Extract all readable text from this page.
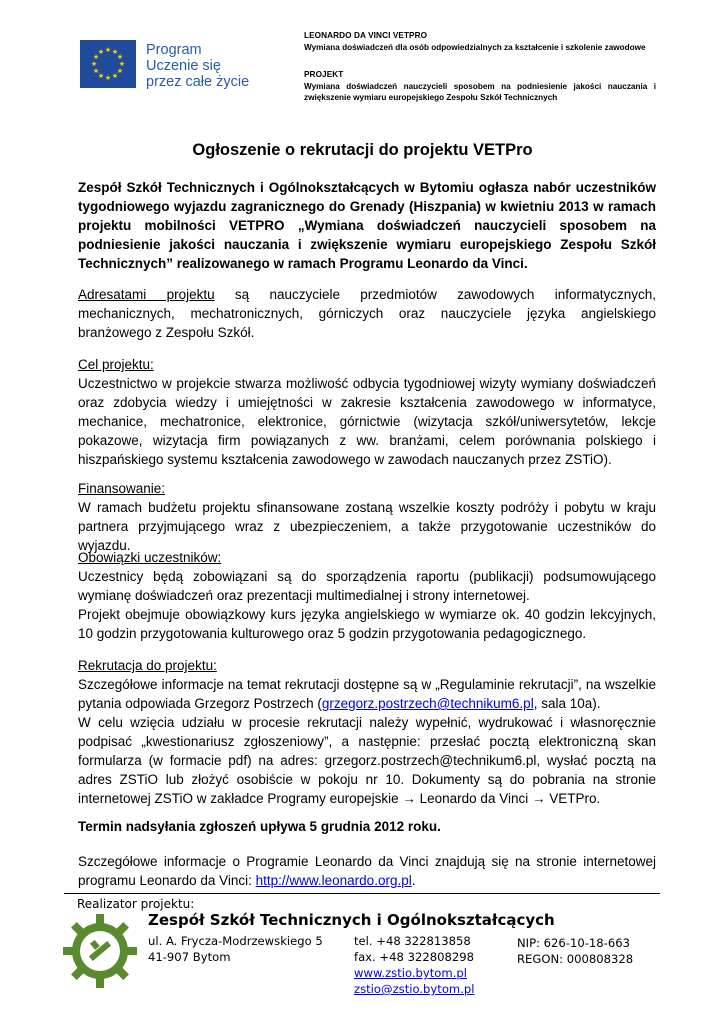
★ ★
★
★
★
★
★
★
★
★
★
★	Program
Uczenie się
przez całe życie
LEONARDO DA VINCI VETPRO
Wymiana doświadczeń dla osób odpowiedzialnych za kształcenie i szkolenie zawodowe
PROJEKT
Wymiana doświadczeń nauczycieli sposobem na podniesienie jakości nauczania i zwiększenie wymiaru europejskiego Zespołu Szkół Technicznych
Ogłoszenie o rekrutacji do projektu VETPro
Zespół Szkół Technicznych i Ogólnokształcących w Bytomiu ogłasza nabór uczestników tygodniowego wyjazdu zagranicznego do Grenady (Hiszpania) w kwietniu 2013 w ramach projektu mobilności VETPRO „Wymiana doświadczeń nauczycieli sposobem na podniesienie jakości nauczania i zwiększenie wymiaru europejskiego Zespołu Szkół Technicznych” realizowanego w ramach Programu Leonardo da Vinci.
Adresatami projektu są nauczyciele przedmiotów zawodowych informatycznych, mechanicznych, mechatronicznych, górniczych oraz nauczyciele języka angielskiego branżowego z Zespołu Szkół.
Cel projektu:
Uczestnictwo w projekcie stwarza możliwość odbycia tygodniowej wizyty wymiany doświadczeń oraz zdobycia wiedzy i umiejętności w zakresie kształcenia zawodowego w informatyce, mechanice, mechatronice, elektronice, górnictwie (wizytacja szkół/uniwersytetów, lekcje pokazowe, wizytacja firm powiązanych z ww. branżami, celem porównania polskiego i hiszpańskiego systemu kształcenia zawodowego w zawodach nauczanych przez ZSTiO).
Finansowanie:
W ramach budżetu projektu sfinansowane zostaną wszelkie koszty podróży i pobytu w kraju partnera przyjmującego wraz z ubezpieczeniem, a także przygotowanie uczestników do wyjazdu.
Obowiązki uczestników:
Uczestnicy będą zobowiązani są do sporządzenia raportu (publikacji) podsumowującego wymianę doświadczeń oraz prezentacji multimedialnej i strony internetowej.
Projekt obejmuje obowiązkowy kurs języka angielskiego w wymiarze ok. 40 godzin lekcyjnych, 10 godzin przygotowania kulturowego oraz 5 godzin przygotowania pedagogicznego.
Rekrutacja do projektu:
Szczegółowe informacje na temat rekrutacji dostępne są w „Regulaminie rekrutacji”, na wszelkie pytania odpowiada Grzegorz Postrzech (grzegorz.postrzech@technikum6.pl, sala 10a).
W celu wzięcia udziału w procesie rekrutacji należy wypełnić, wydrukować i własnoręcznie podpisać „kwestionariusz zgłoszeniowy”, a następnie: przesłać pocztą elektroniczną skan formularza (w formacie pdf) na adres: grzegorz.postrzech@technikum6.pl, wysłać pocztą na adres ZSTiO lub złożyć osobiście w pokoju nr 10. Dokumenty są do pobrania na stronie internetowej ZSTiO w zakładce Programy europejskie → Leonardo da Vinci → VETPro.
Termin nadsyłania zgłoszeń upływa 5 grudnia 2012 roku.
Szczegółowe informacje o Programie Leonardo da Vinci znajdują się na stronie internetowej programu Leonardo da Vinci: http://www.leonardo.org.pl.
Realizator projektu:
Zespół Szkół Technicznych i Ogólnokształcących
ul. A. Frycza-Modrzewskiego 5
41-907 Bytom
tel. +48 322813858
fax. +48 322808298
www.zstio.bytom.pl
zstio@zstio.bytom.pl
NIP: 626-10-18-663
REGON: 000808328
